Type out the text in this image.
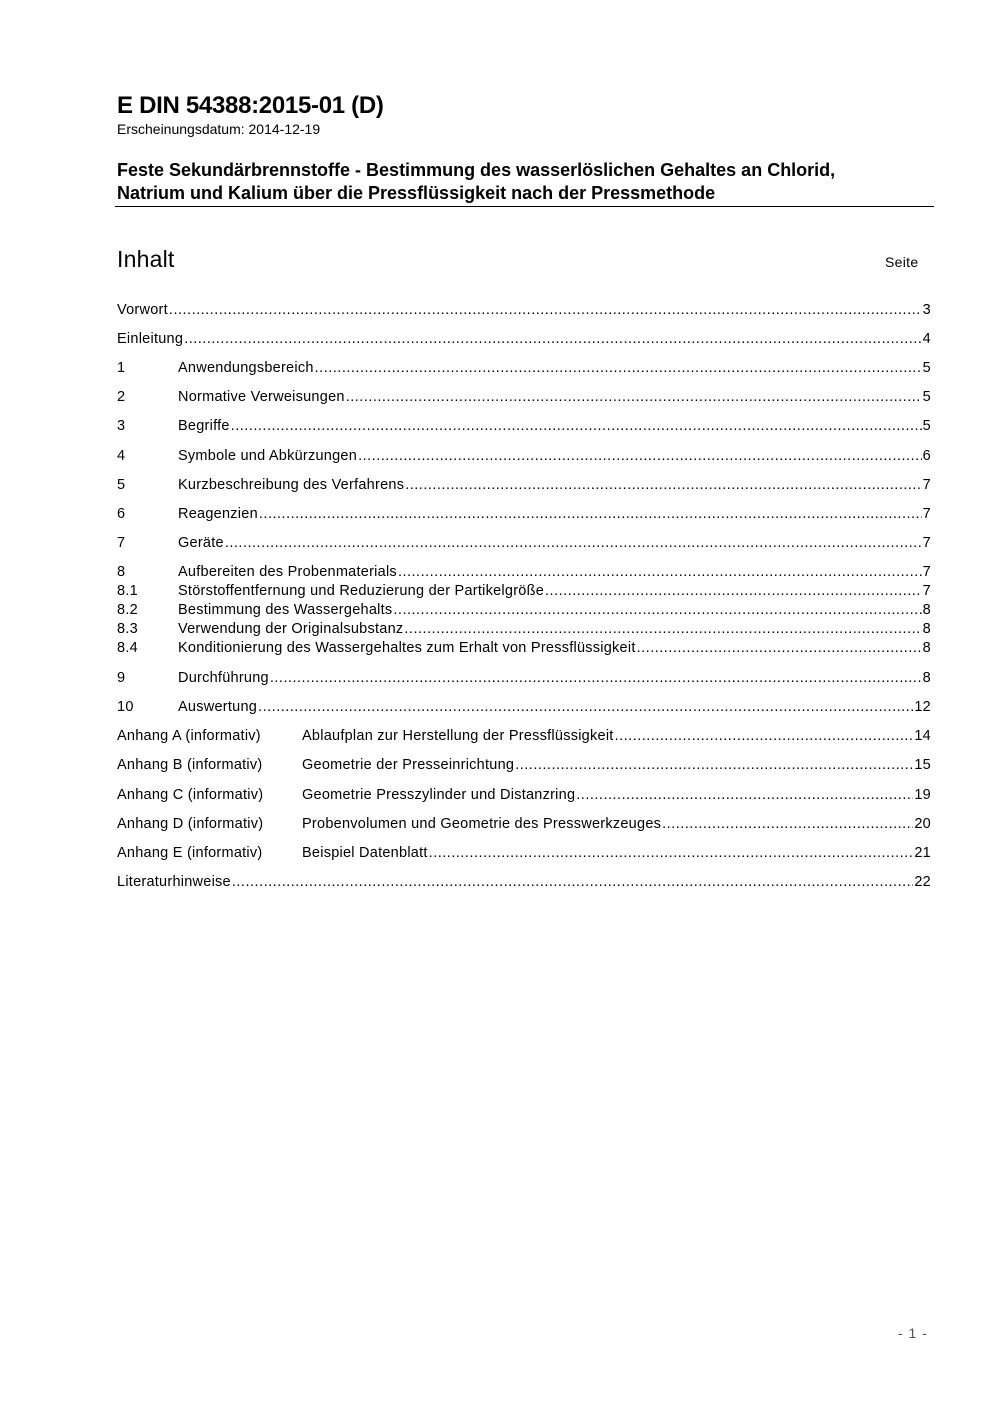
E DIN 54388:2015-01 (D)
Erscheinungsdatum: 2014-12-19
Feste Sekundärbrennstoffe - Bestimmung des wasserlöslichen Gehaltes an Chlorid,
Natrium und Kalium über die Pressflüssigkeit nach der Pressmethode
Inhalt	Seite
Vorwort .....	3
Einleitung .....	4
1	Anwendungsbereich .....	5
2	Normative Verweisungen .....	5
3	Begriffe .....	5
4	Symbole und Abkürzungen .....	6
5	Kurzbeschreibung des Verfahrens .....	7
6	Reagenzien .....	7
7	Geräte .....	7
8	Aufbereiten des Probenmaterials .....	7
8.1	Störstoffentfernung und Reduzierung der Partikelgröße .....	7
8.2	Bestimmung des Wassergehalts .....	8
8.3	Verwendung der Originalsubstanz .....	8
8.4	Konditionierung des Wassergehaltes zum Erhalt von Pressflüssigkeit .....	8
9	Durchführung .....	8
10	Auswertung .....	12
Anhang A (informativ)	Ablaufplan zur Herstellung der Pressflüssigkeit .....	14
Anhang B (informativ)	Geometrie der Presseinrichtung .....	15
Anhang C (informativ)	Geometrie Presszylinder und Distanzring .....	19
Anhang D (informativ)	Probenvolumen und Geometrie des Presswerkzeuges .....	20
Anhang E (informativ)	Beispiel Datenblatt .....	21
Literaturhinweise .....	22
- 1 -
